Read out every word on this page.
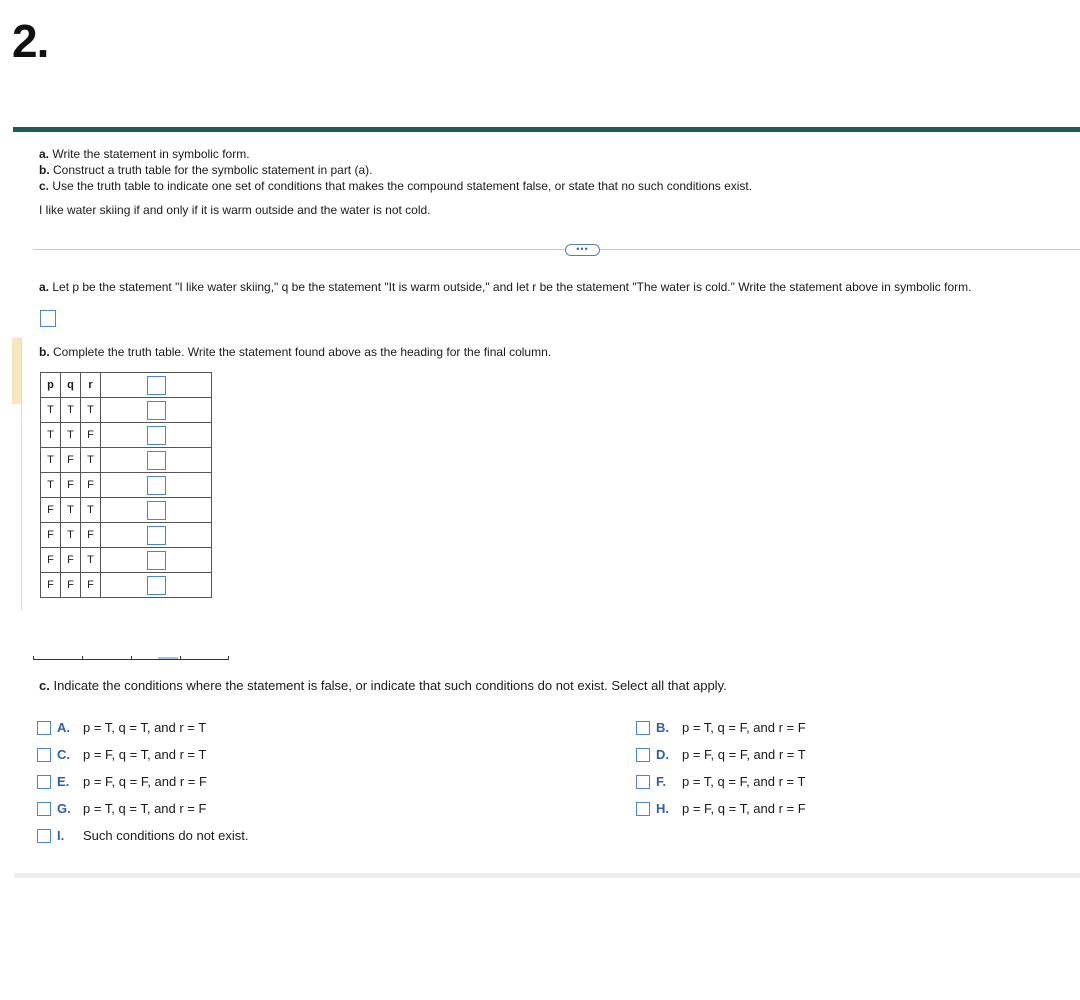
2.
a. Write the statement in symbolic form.
b. Construct a truth table for the symbolic statement in part (a).
c. Use the truth table to indicate one set of conditions that makes the compound statement false, or state that no such conditions exist.
I like water skiing if and only if it is warm outside and the water is not cold.
•••
a. Let p be the statement "I like water skiing," q be the statement "It is warm outside," and let r be the statement "The water is cold." Write the statement above in symbolic form.
b. Complete the truth table. Write the statement found above as the heading for the final column.
p	q	r	
T	T	T	
T	T	F	
T	F	T	
T	F	F	
F	T	T	
F	T	F	
F	F	T	
F	F	F	
c. Indicate the conditions where the statement is false, or indicate that such conditions do not exist. Select all that apply.
A.	p = T, q = T, and r = T	B.	p = T, q = F, and r = F
C.	p = F, q = T, and r = T	D.	p = F, q = F, and r = T
E.	p = F, q = F, and r = F	F.	p = T, q = F, and r = T
G. p = T, q = T, and r = F	H.	p = F, q = T, and r = F
I.	Such conditions do not exist.
